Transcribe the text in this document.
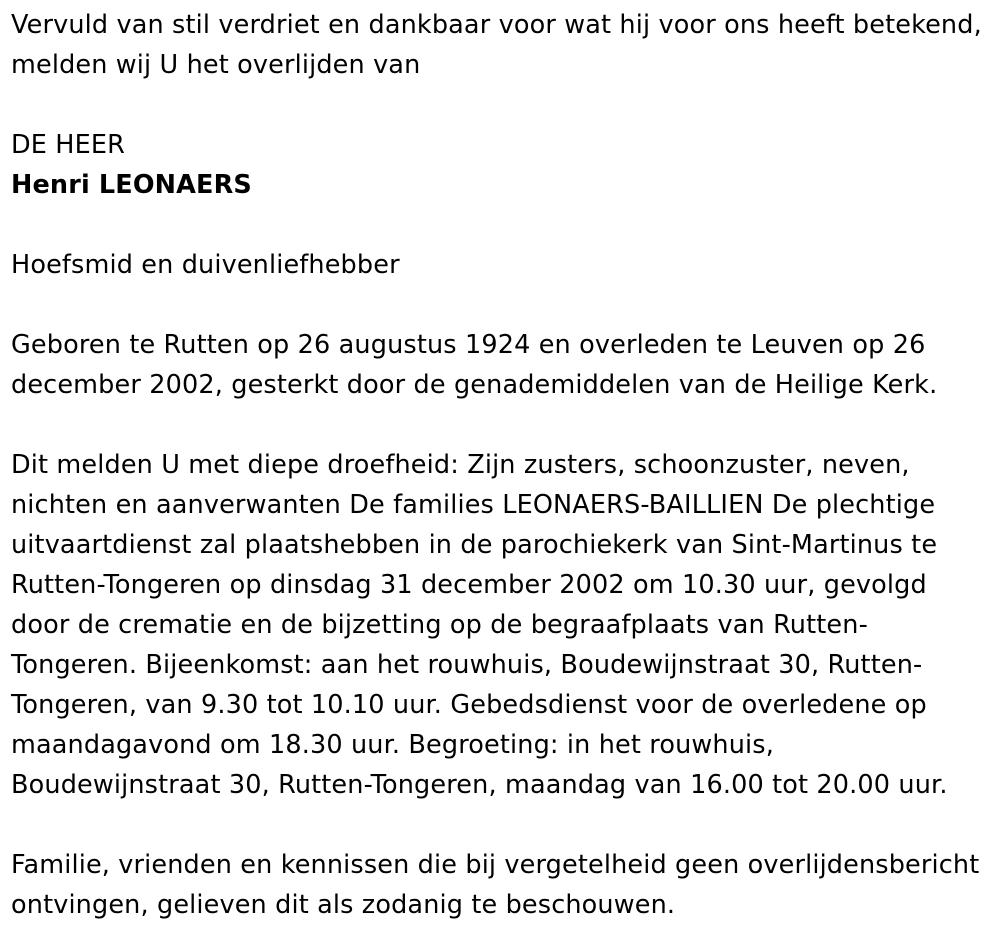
Vervuld van stil verdriet en dankbaar voor wat hij voor ons heeft betekend, melden wij U het overlijden van

DE HEER

Henri LEONAERS

Hoefsmid en duivenliefhebber

Geboren te Rutten op 26 augustus 1924 en overleden te Leuven op 26 december 2002, gesterkt door de genademiddelen van de Heilige Kerk.

Dit melden U met diepe droefheid: Zijn zusters, schoonzuster, neven, nichten en aanverwanten De families LEONAERS-BAILLIEN De plechtige uitvaartdienst zal plaatshebben in de parochiekerk van Sint-Martinus te Rutten-Tongeren op dinsdag 31 december 2002 om 10.30 uur, gevolgd door de crematie en de bijzetting op de begraafplaats van Rutten-Tongeren. Bijeenkomst: aan het rouwhuis, Boudewijnstraat 30, Rutten-Tongeren, van 9.30 tot 10.10 uur. Gebedsdienst voor de overledene op maandagavond om 18.30 uur. Begroeting: in het rouwhuis, Boudewijnstraat 30, Rutten-Tongeren, maandag van 16.00 tot 20.00 uur.

Familie, vrienden en kennissen die bij vergetelheid geen overlijdensbericht ontvingen, gelieven dit als zodanig te beschouwen.
